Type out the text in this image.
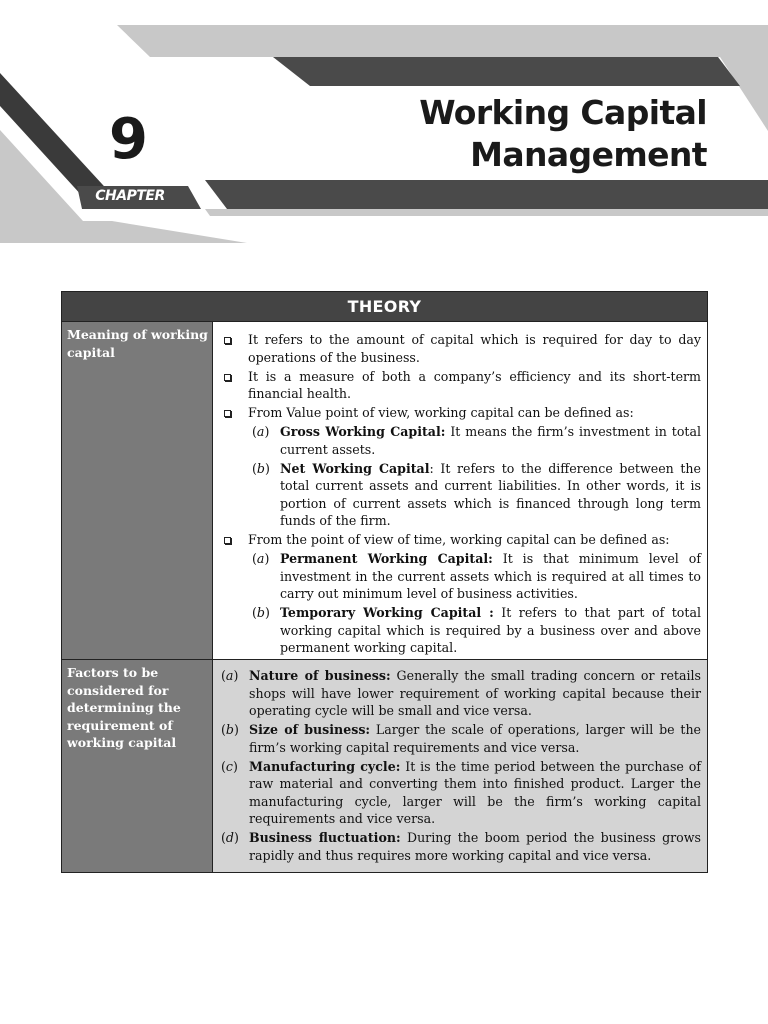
9
CHAPTER
Working Capital
Management
THEORY
Meaning of working capital
It refers to the amount of capital which is required for day to day operations of the business.
It is a measure of both a company’s efficiency and its short-term financial health.
From Value point of view, working capital can be defined as:
(a) Gross Working Capital: It means the firm’s investment in total current assets.
(b) Net Working Capital: It refers to the difference between the total current assets and current liabilities. In other words, it is portion of current assets which is financed through long term funds of the firm.
From the point of view of time, working capital can be defined as:
(a) Permanent Working Capital: It is that minimum level of investment in the current assets which is required at all times to carry out minimum level of business activities.
(b) Temporary Working Capital : It refers to that part of total working capital which is required by a business over and above permanent working capital.
Factors to be considered for determining the requirement of working capital
(a) Nature of business: Generally the small trading concern or retails shops will have lower requirement of working capital because their operating cycle will be small and vice versa.
(b) Size of business: Larger the scale of operations, larger will be the firm’s working capital requirements and vice versa.
(c) Manufacturing cycle: It is the time period between the purchase of raw material and converting them into finished product. Larger the manufacturing cycle, larger will be the firm’s working capital requirements and vice versa.
(d) Business fluctuation: During the boom period the business grows rapidly and thus requires more working capital and vice versa.
